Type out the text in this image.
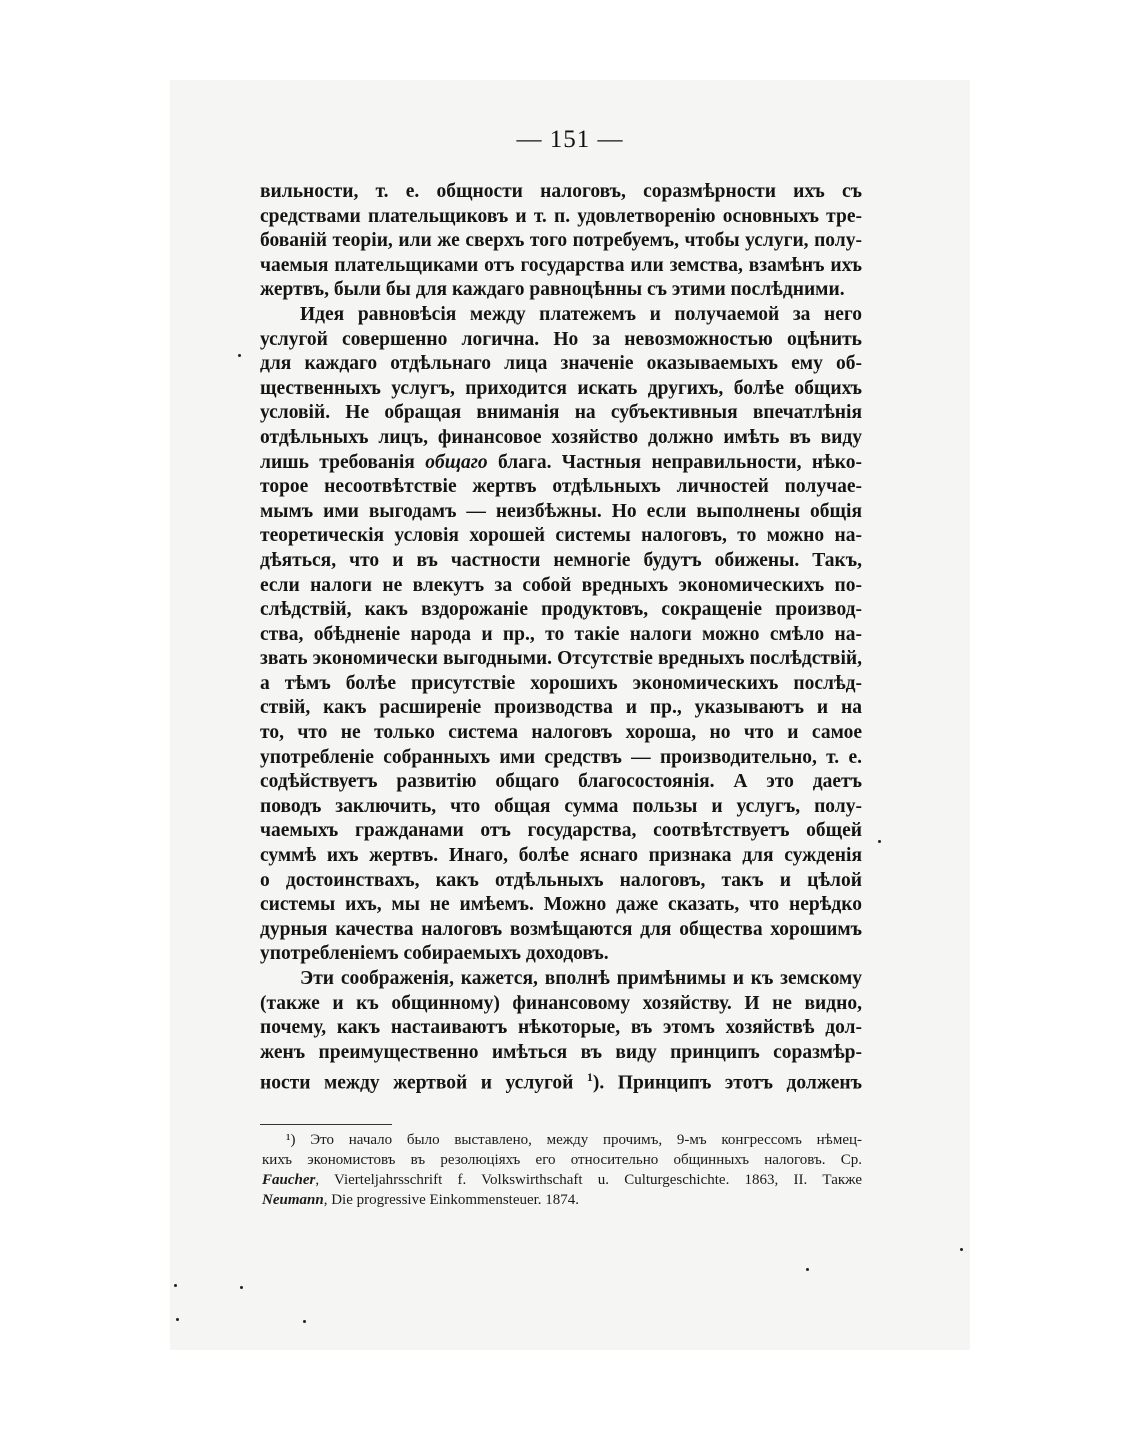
— 151 —
вильности, т. е. общности налоговъ, соразмѣрности ихъ съ
средствами плательщиковъ и т. п. удовлетворенію основныхъ тре-
бованій теоріи, или же сверхъ того потребуемъ, чтобы услуги, полу-
чаемыя плательщиками отъ государства или земства, взамѣнъ ихъ
жертвъ, были бы для каждаго равноцѣнны съ этими послѣдними.
Идея равновѣсія между платежемъ и получаемой за него
услугой совершенно логична. Но за невозможностью оцѣнить
для каждаго отдѣльнаго лица значеніе оказываемыхъ ему об-
щественныхъ услугъ, приходится искать другихъ, болѣе общихъ
условій. Не обращая вниманія на субъективныя впечатлѣнія
отдѣльныхъ лицъ, финансовое хозяйство должно имѣть въ виду
лишь требованія общаго блага. Частныя неправильности, нѣко-
торое несоотвѣтствіе жертвъ отдѣльныхъ личностей получае-
мымъ ими выгодамъ — неизбѣжны. Но если выполнены общія
теоретическія условія хорошей системы налоговъ, то можно на-
дѣяться, что и въ частности немногіе будутъ обижены. Такъ,
если налоги не влекутъ за собой вредныхъ экономическихъ по-
слѣдствій, какъ вздорожаніе продуктовъ, сокращеніе производ-
ства, обѣдненіе народа и пр., то такіе налоги можно смѣло на-
звать экономически выгодными. Отсутствіе вредныхъ послѣдствій,
а тѣмъ болѣе присутствіе хорошихъ экономическихъ послѣд-
ствій, какъ расширеніе производства и пр., указываютъ и на
то, что не только система налоговъ хороша, но что и самое
употребленіе собранныхъ ими средствъ — производительно, т. е.
содѣйствуетъ развитію общаго благосостоянія. А это даетъ
поводъ заключить, что общая сумма пользы и услугъ, полу-
чаемыхъ гражданами отъ государства, соотвѣтствуетъ общей
суммѣ ихъ жертвъ. Инаго, болѣе яснаго признака для сужденія
о достоинствахъ, какъ отдѣльныхъ налоговъ, такъ и цѣлой
системы ихъ, мы не имѣемъ. Можно даже сказать, что нерѣдко
дурныя качества налоговъ возмѣщаются для общества хорошимъ
употребленіемъ собираемыхъ доходовъ.
Эти соображенія, кажется, вполнѣ примѣнимы и къ земскому
(также и къ общинному) финансовому хозяйству. И не видно,
почему, какъ настаиваютъ нѣкоторые, въ этомъ хозяйствѣ дол-
женъ преимущественно имѣться въ виду принципъ соразмѣр-
ности между жертвой и услугой $^1$). Принципъ этотъ долженъ
¹) Это начало было выставлено, между прочимъ, 9-мъ конгрессомъ нѣмец-
кихъ экономистовъ въ резолюціяхъ его относительно общинныхъ налоговъ. Ср.
Faucher, Vierteljahrsschrift f. Volkswirthschaft u. Culturgeschichte. 1863, II. Также
Neumann, Die progressive Einkommensteuer. 1874.
